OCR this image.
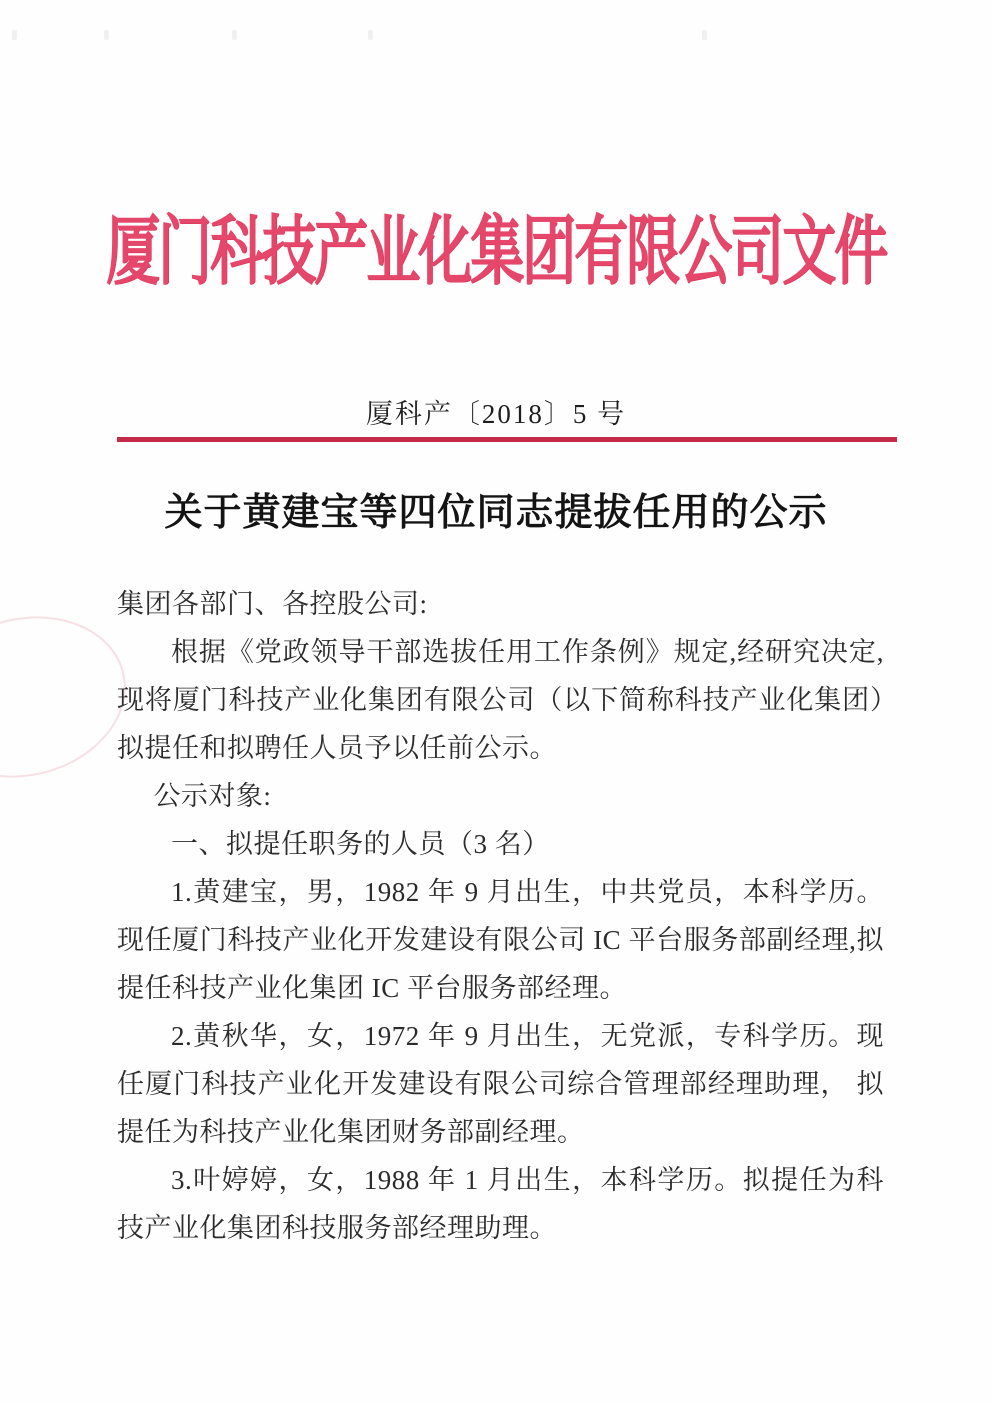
厦门科技产业化集团有限公司文件
厦科产〔2018〕5 号
关于黄建宝等四位同志提拔任用的公示

集团各部门、各控股公司:

根据《党政领导干部选拔任用工作条例》规定,经研究决定,现将厦门科技产业化集团有限公司（以下简称科技产业化集团）拟提任和拟聘任人员予以任前公示。

公示对象:

一、拟提任职务的人员（3 名）

1.黄建宝，男，1982 年 9 月出生，中共党员，本科学历。现任厦门科技产业化开发建设有限公司 IC 平台服务部副经理,拟提任科技产业化集团 IC 平台服务部经理。

2.黄秋华，女，1972 年 9 月出生，无党派，专科学历。现任厦门科技产业化开发建设有限公司综合管理部经理助理， 拟提任为科技产业化集团财务部副经理。

3.叶婷婷，女，1988 年 1 月出生，本科学历。拟提任为科技产业化集团科技服务部经理助理。
